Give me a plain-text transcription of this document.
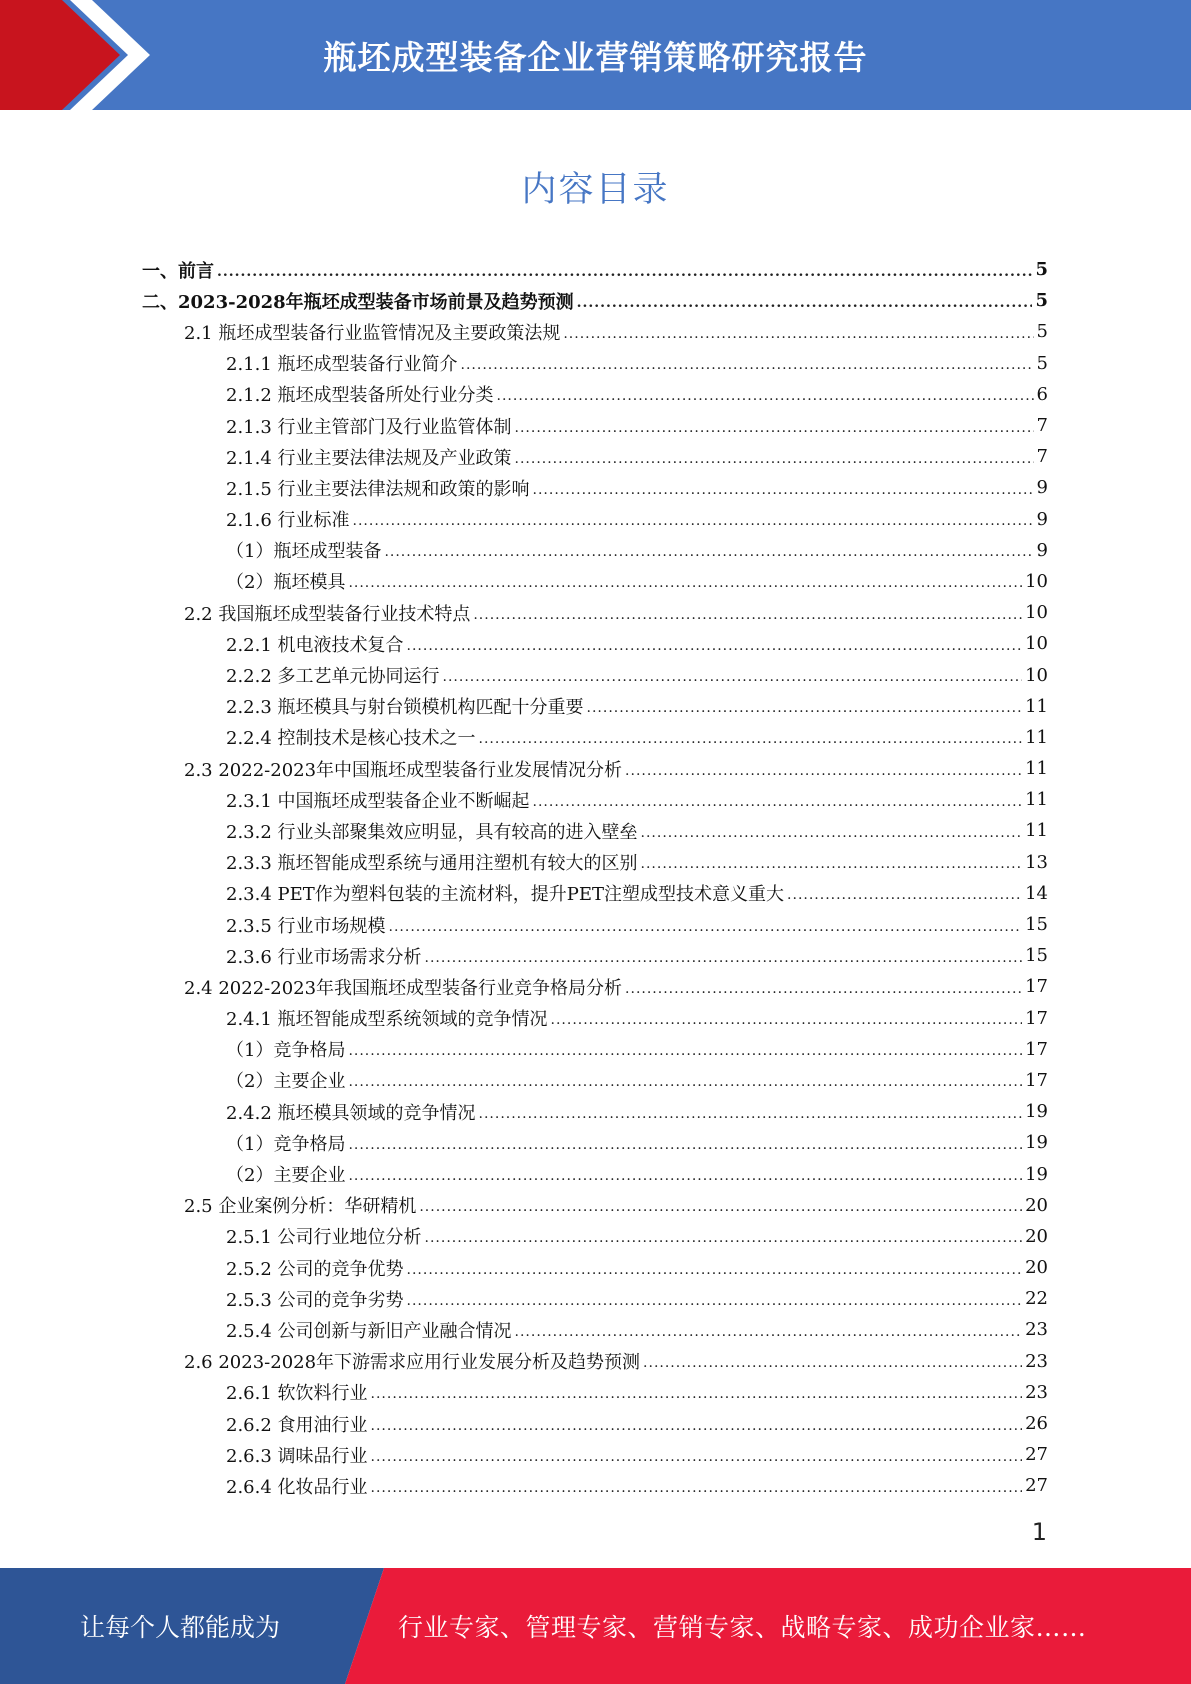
瓶坯成型装备企业营销策略研究报告
内容目录
一、前言 .....	5
二、2023-2028年瓶坯成型装备市场前景及趋势预测 .....	5
2.1 瓶坯成型装备行业监管情况及主要政策法规 .....	5
2.1.1 瓶坯成型装备行业简介 .....	5
2.1.2 瓶坯成型装备所处行业分类 .....	6
2.1.3 行业主管部门及行业监管体制 .....	7
2.1.4 行业主要法律法规及产业政策 .....	7
2.1.5 行业主要法律法规和政策的影响 .....	9
2.1.6 行业标准 .....	9
（1）瓶坯成型装备 .....	9
（2）瓶坯模具 .....	10
2.2 我国瓶坯成型装备行业技术特点 .....	10
2.2.1 机电液技术复合 .....	10
2.2.2 多工艺单元协同运行 .....	10
2.2.3 瓶坯模具与射台锁模机构匹配十分重要 .....	11
2.2.4 控制技术是核心技术之一 .....	11
2.3 2022-2023年中国瓶坯成型装备行业发展情况分析 .....	11
2.3.1 中国瓶坯成型装备企业不断崛起 .....	11
2.3.2 行业头部聚集效应明显，具有较高的进入壁垒 .....	11
2.3.3 瓶坯智能成型系统与通用注塑机有较大的区别 .....	13
2.3.4 PET作为塑料包装的主流材料，提升PET注塑成型技术意义重大 .....	14
2.3.5 行业市场规模 .....	15
2.3.6 行业市场需求分析 .....	15
2.4 2022-2023年我国瓶坯成型装备行业竞争格局分析 .....	17
2.4.1 瓶坯智能成型系统领域的竞争情况 .....	17
（1）竞争格局 .....	17
（2）主要企业 .....	17
2.4.2 瓶坯模具领域的竞争情况 .....	19
（1）竞争格局 .....	19
（2）主要企业 .....	19
2.5 企业案例分析：华研精机 .....	20
2.5.1 公司行业地位分析 .....	20
2.5.2 公司的竞争优势 .....	20
2.5.3 公司的竞争劣势 .....	22
2.5.4 公司创新与新旧产业融合情况 .....	23
2.6 2023-2028年下游需求应用行业发展分析及趋势预测 .....	23
2.6.1 软饮料行业 .....	23
2.6.2 食用油行业 .....	26
2.6.3 调味品行业 .....	27
2.6.4 化妆品行业 .....	27
1
让每个人都能成为	行业专家、管理专家、营销专家、战略专家、成功企业家……
